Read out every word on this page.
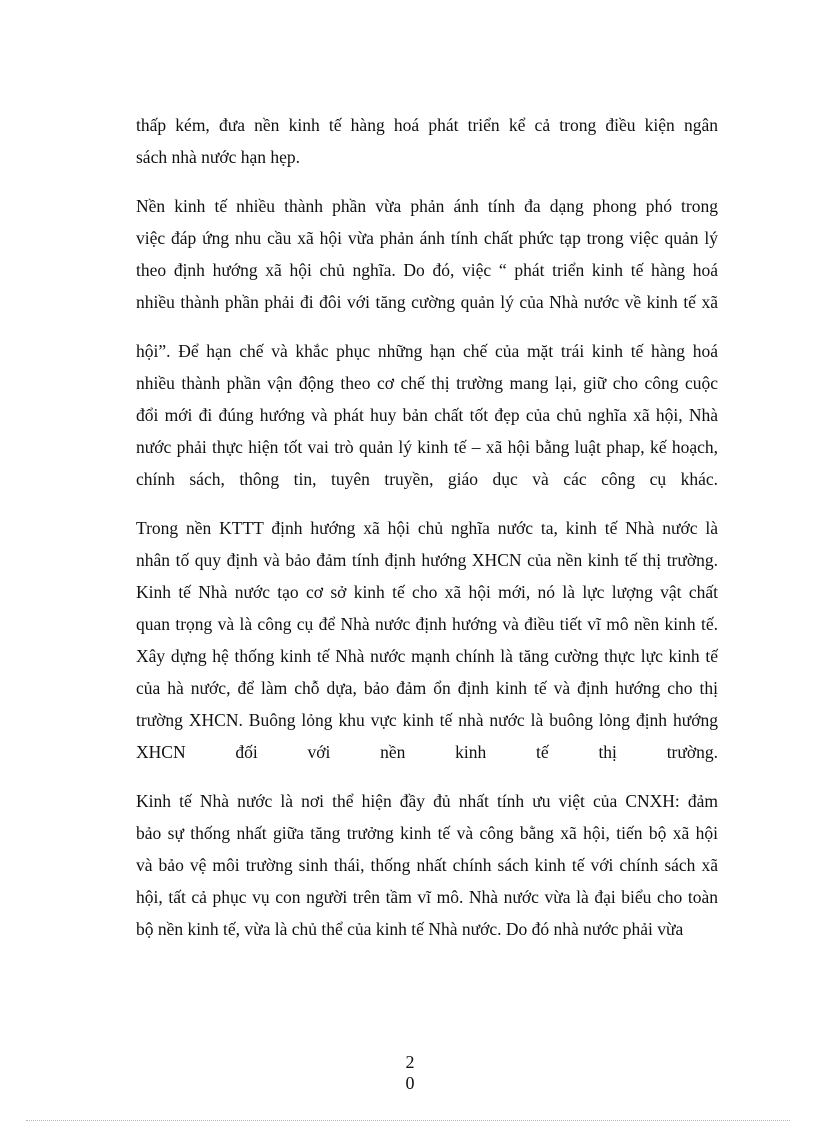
thấp kém, đưa nền kinh tế hàng hoá phát triển kể cả trong điều kiện ngân
sách nhà nước hạn hẹp.
Nền kinh tế nhiều thành phần vừa phản ánh tính đa dạng phong phó trong
việc đáp ứng nhu cầu xã hội vừa phản ánh tính chất phức tạp trong việc quản lý
theo định hướng xã hội chủ nghĩa. Do đó, việc “ phát triển kinh tế hàng hoá
nhiều thành phần phải đi đôi với tăng cường quản lý của Nhà nước về kinh tế xã
hội”. Để hạn chế và khắc phục những hạn chế của mặt trái kinh tế hàng hoá
nhiều thành phần vận động theo cơ chế thị trường mang lại, giữ cho công cuộc
đổi mới đi đúng hướng và phát huy bản chất tốt đẹp của chủ nghĩa xã hội, Nhà
nước phải thực hiện tốt vai trò quản lý kinh tế – xã hội bằng luật phap, kế hoạch,
chính sách, thông tin, tuyên truyền, giáo dục và các công cụ khác.
Trong nền KTTT định hướng xã hội chủ nghĩa nước ta, kinh tế Nhà nước là
nhân tố quy định và bảo đảm tính định hướng XHCN của nền kinh tế thị trường.
Kinh tế Nhà nước tạo cơ sở kinh tế cho xã hội mới, nó là lực lượng vật chất
quan trọng và là công cụ để Nhà nước định hướng và điều tiết vĩ mô nền kinh tế.
Xây dựng hệ thống kinh tế Nhà nước mạnh chính là tăng cường thực lực kinh tế
của hà nước, để làm chỗ dựa, bảo đảm ổn định kinh tế và định hướng cho thị
trường XHCN. Buông lỏng khu vực kinh tế nhà nước là buông lỏng định hướng
XHCN đối với nền kinh tế thị trường.
Kinh tế Nhà nước là nơi thể hiện đầy đủ nhất tính ưu việt của CNXH: đảm
bảo sự thống nhất giữa tăng trưởng kinh tế và công bằng xã hội, tiến bộ xã hội
và bảo vệ môi trường sinh thái, thống nhất chính sách kinh tế với chính sách xã
hội, tất cả phục vụ con người trên tầm vĩ mô. Nhà nước vừa là đại biểu cho toàn
bộ nền kinh tế, vừa là chủ thể của kinh tế Nhà nước. Do đó nhà nước phải vừa
2
0
